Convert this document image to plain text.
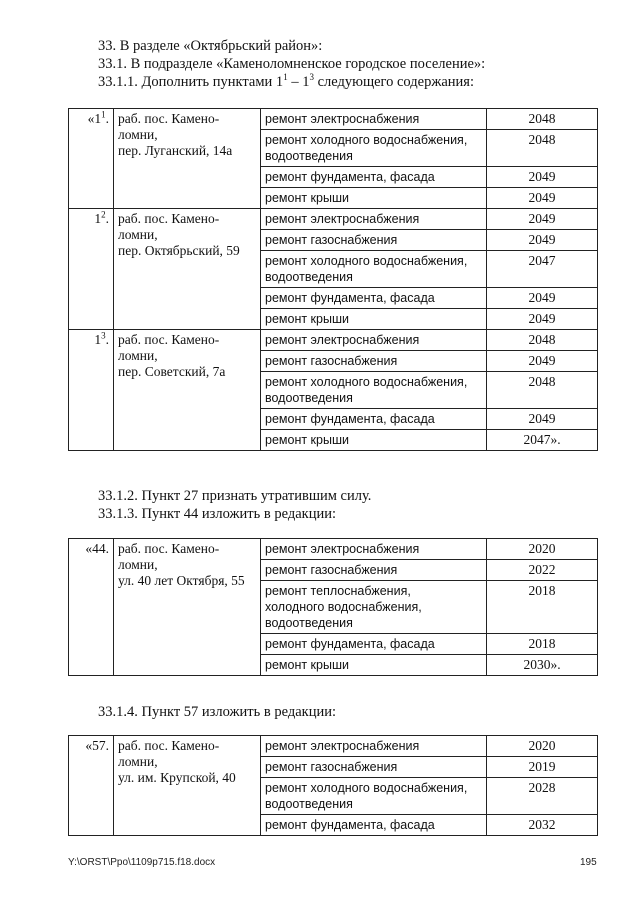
33. В разделе «Октябрьский район»:
33.1. В подразделе «Каменоломненское городское поселение»:
33.1.1. Дополнить пунктами $1^1 - 1^3$ следующего содержания:
«$1^1$.	раб. пос. Камено-
ломни,
пер. Луганский, 14а	ремонт электроснабжения	2048
		ремонт холодного водоснабжения,
водоотведения	2048
		ремонт фундамента, фасада	2049
		ремонт крыши	2049
$1^2$.	раб. пос. Камено-
ломни,
пер. Октябрьский, 59	ремонт электроснабжения	2049
		ремонт газоснабжения	2049
		ремонт холодного водоснабжения,
водоотведения	2047
		ремонт фундамента, фасада	2049
		ремонт крыши	2049
$1^3$.	раб. пос. Камено-
ломни,
пер. Советский, 7а	ремонт электроснабжения	2048
		ремонт газоснабжения	2049
		ремонт холодного водоснабжения,
водоотведения	2048
		ремонт фундамента, фасада	2049
		ремонт крыши	2047».
33.1.2. Пункт 27 признать утратившим силу.
33.1.3. Пункт 44 изложить в редакции:
«44.	раб. пос. Камено-
ломни,
ул. 40 лет Октября, 55	ремонт электроснабжения	2020
		ремонт газоснабжения	2022
		ремонт теплоснабжения,
холодного водоснабжения,
водоотведения	2018
		ремонт фундамента, фасада	2018
		ремонт крыши	2030».
33.1.4. Пункт 57 изложить в редакции:
«57.	раб. пос. Камено-
ломни,
ул. им. Крупской, 40	ремонт электроснабжения	2020
		ремонт газоснабжения	2019
		ремонт холодного водоснабжения,
водоотведения	2028
		ремонт фундамента, фасада	2032
Y:\ORST\Ppo\1109p715.f18.docx	195
